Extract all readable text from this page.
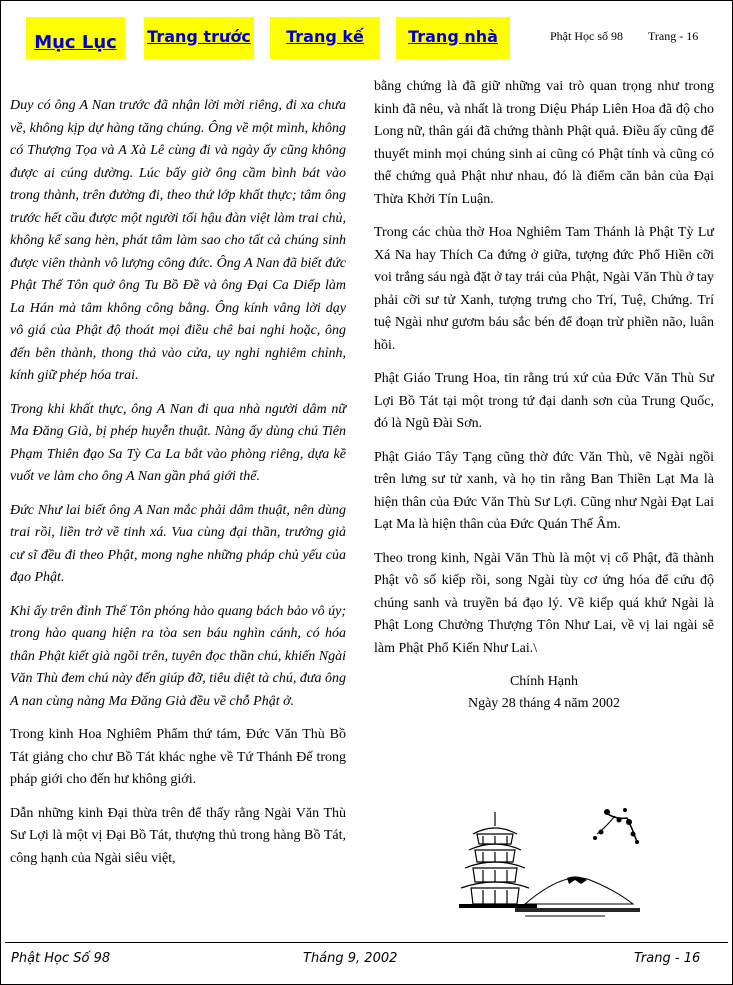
Mục Lục	Trang trước	Trang kế	Trang nhà	Phật Học số 98 Trang - 16

Duy có ông A Nan trước đã nhận lời mời riêng, đi xa chưa về, không kịp dự hàng tăng chúng. Ông về một mình, không có Thượng Tọa và A Xà Lê cùng đi và ngày ấy cũng không được ai cúng dường. Lúc bấy giờ ông cầm bình bát vào trong thành, trên đường đi, theo thứ lớp khất thực; tâm ông trước hết cầu được một người tối hậu đàn việt làm trai chủ, không kể sang hèn, phát tâm làm sao cho tất cả chúng sinh được viên thành vô lượng công đức. Ông A Nan đã biết đức Phật Thế Tôn quở ông Tu Bồ Đề và ông Đại Ca Diếp làm La Hán mà tâm không công bằng. Ông kính vâng lời dạy vô giá của Phật độ thoát mọi điều chê bai nghi hoặc, ông đến bên thành, thong thả vào cửa, uy nghi nghiêm chỉnh, kính giữ phép hóa trai.

Trong khi khất thực, ông A Nan đi qua nhà người dâm nữ Ma Đăng Già, bị phép huyễn thuật. Nàng ấy dùng chú Tiên Phạm Thiên đạo Sa Tỳ Ca La bắt vào phòng riêng, dựa kề vuốt ve làm cho ông A Nan gần phá giới thể.

Đức Như lai biết ông A Nan mắc phải dâm thuật, nên dùng trai rồi, liền trở về tinh xá. Vua cùng đại thần, trưởng giả cư sĩ đều đi theo Phật, mong nghe những pháp chủ yếu của đạo Phật.

Khi ấy trên đỉnh Thế Tôn phóng hào quang bách bảo vô úy; trong hào quang hiện ra tòa sen báu nghìn cánh, có hóa thân Phật kiết già ngồi trên, tuyên đọc thần chú, khiến Ngài Văn Thù đem chú này đến giúp đỡ, tiêu diệt tà chú, đưa ông A nan cùng nàng Ma Đăng Già đều về chỗ Phật ở.

Trong kinh Hoa Nghiêm Phẩm thứ tám, Đức Văn Thù Bồ Tát giảng cho chư Bồ Tát khác nghe về Tứ Thánh Đế trong pháp giới cho đến hư không giới.

Dẫn những kinh Đại thừa trên để thấy rằng Ngài Văn Thù Sư Lợi là một vị Đại Bồ Tát, thượng thủ trong hàng Bồ Tát, công hạnh của Ngài siêu việt,

bằng chứng là đã giữ những vai trò quan trọng như trong kinh đã nêu, và nhất là trong Diệu Pháp Liên Hoa đã độ cho Long nữ, thân gái đã chứng thành Phật quả. Điều ấy cũng để thuyết minh mọi chúng sinh ai cũng có Phật tính và cũng có thể chứng quả Phật như nhau, đó là điểm căn bản của Đại Thừa Khởi Tín Luận.

Trong các chùa thờ Hoa Nghiêm Tam Thánh là Phật Tỳ Lư Xá Na hay Thích Ca đứng ở giữa, tượng đức Phổ Hiền cỡi voi trắng sáu ngà đặt ở tay trái của Phật, Ngài Văn Thù ở tay phải cỡi sư tử Xanh, tượng trưng cho Trí, Tuệ, Chứng. Trí tuệ Ngài như gươm báu sắc bén để đoạn trừ phiền não, luân hồi.

Phật Giáo Trung Hoa, tin rằng trú xứ của Đức Văn Thù Sư Lợi Bồ Tát tại một trong tứ đại danh sơn của Trung Quốc, đó là Ngũ Đài Sơn.

Phật Giáo Tây Tạng cũng thờ đức Văn Thù, vẽ Ngài ngồi trên lưng sư tử xanh, và họ tin rằng Ban Thiền Lạt Ma là hiện thân của Đức Văn Thù Sư Lợi. Cũng như Ngài Đạt Lai Lạt Ma là hiện thân của Đức Quán Thế Âm.

Theo trong kinh, Ngài Văn Thù là một vị cổ Phật, đã thành Phật vô số kiếp rồi, song Ngài tùy cơ ứng hóa để cứu độ chúng sanh và truyền bá đạo lý. Về kiếp quá khứ Ngài là Phật Long Chưởng Thượng Tôn Như Lai, về vị lai ngài sẽ làm Phật Phổ Kiến Như Lai.\

Chính Hạnh
Ngày 28 tháng 4 năm 2002
Phật Học Số 98	Tháng 9, 2002	Trang - 16
